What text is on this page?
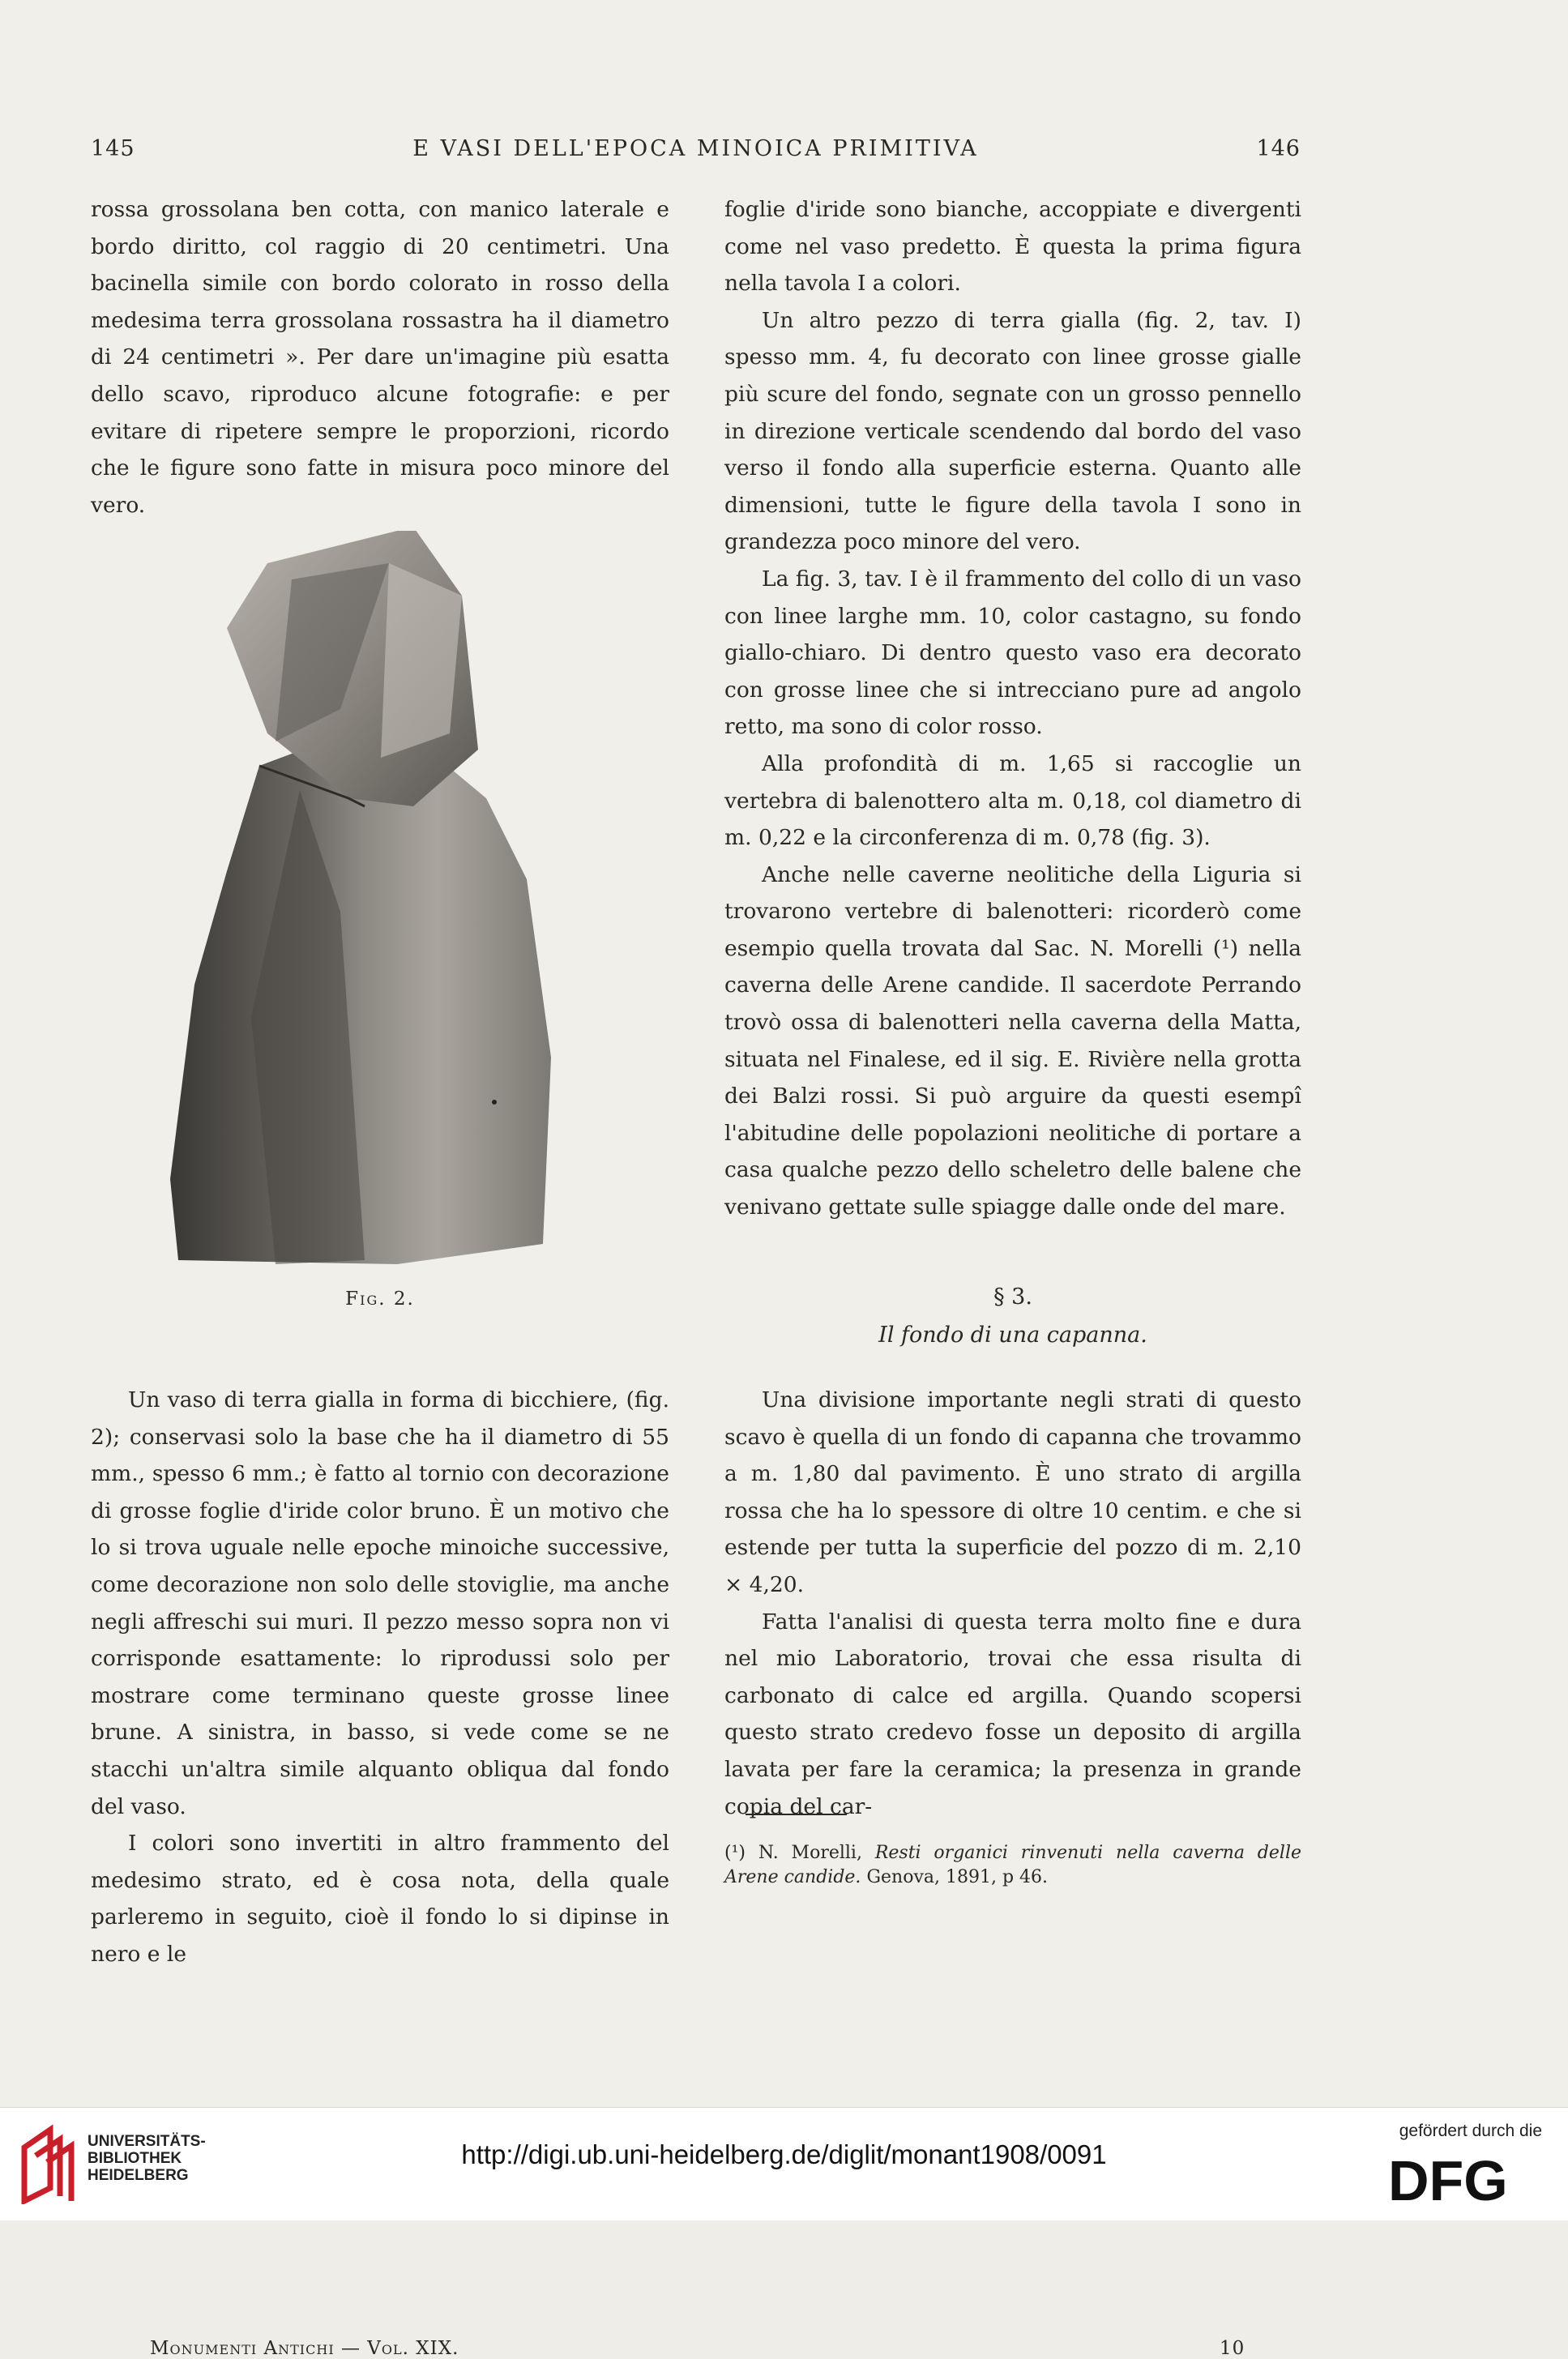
145	E VASI DELL'EPOCA MINOICA PRIMITIVA	146

rossa grossolana ben cotta, con manico laterale e bordo diritto, col raggio di 20 centimetri. Una bacinella simile con bordo colorato in rosso della medesima terra grossolana rossastra ha il diametro di 24 centimetri ». Per dare un'imagine più esatta dello scavo, riproduco alcune fotografie: e per evitare di ripetere sempre le proporzioni, ricordo che le figure sono fatte in misura poco minore del vero.

Fig. 2.

Un vaso di terra gialla in forma di bicchiere, (fig. 2); conservasi solo la base che ha il diametro di 55 mm., spesso 6 mm.; è fatto al tornio con decorazione di grosse foglie d'iride color bruno. È un motivo che lo si trova uguale nelle epoche minoiche successive, come decorazione non solo delle stoviglie, ma anche negli affreschi sui muri. Il pezzo messo sopra non vi corrisponde esattamente: lo riprodussi solo per mostrare come terminano queste grosse linee brune. A sinistra, in basso, si vede come se ne stacchi un'altra simile alquanto obliqua dal fondo del vaso.

I colori sono invertiti in altro frammento del medesimo strato, ed è cosa nota, della quale parleremo in seguito, cioè il fondo lo si dipinse in nero e le

foglie d'iride sono bianche, accoppiate e divergenti come nel vaso predetto. È questa la prima figura nella tavola I a colori.

Un altro pezzo di terra gialla (fig. 2, tav. I) spesso mm. 4, fu decorato con linee grosse gialle più scure del fondo, segnate con un grosso pennello in direzione verticale scendendo dal bordo del vaso verso il fondo alla superficie esterna. Quanto alle dimensioni, tutte le figure della tavola I sono in grandezza poco minore del vero.

La fig. 3, tav. I è il frammento del collo di un vaso con linee larghe mm. 10, color castagno, su fondo giallo-chiaro. Di dentro questo vaso era decorato con grosse linee che si intrecciano pure ad angolo retto, ma sono di color rosso.

Alla profondità di m. 1,65 si raccoglie un vertebra di balenottero alta m. 0,18, col diametro di m. 0,22 e la circonferenza di m. 0,78 (fig. 3).

Anche nelle caverne neolitiche della Liguria si trovarono vertebre di balenotteri: ricorderò come esempio quella trovata dal Sac. N. Morelli (¹) nella caverna delle Arene candide. Il sacerdote Perrando trovò ossa di balenotteri nella caverna della Matta, situata nel Finalese, ed il sig. E. Rivière nella grotta dei Balzi rossi. Si può arguire da questi esempî l'abitudine delle popolazioni neolitiche di portare a casa qualche pezzo dello scheletro delle balene che venivano gettate sulle spiagge dalle onde del mare.

§ 3.
Il fondo di una capanna.

Una divisione importante negli strati di questo scavo è quella di un fondo di capanna che trovammo a m. 1,80 dal pavimento. È uno strato di argilla rossa che ha lo spessore di oltre 10 centim. e che si estende per tutta la superficie del pozzo di m. 2,10 × 4,20.

Fatta l'analisi di questa terra molto fine e dura nel mio Laboratorio, trovai che essa risulta di carbonato di calce ed argilla. Quando scopersi questo strato credevo fosse un deposito di argilla lavata per fare la ceramica; la presenza in grande copia del car-

(¹) N. Morelli, Resti organici rinvenuti nella caverna delle Arene candide. Genova, 1891, p 46.
Monumenti Antichi — Vol. XIX.	10
UNIVERSITÄTS-
BIBLIOTHEK
HEIDELBERG
http://digi.ub.uni-heidelberg.de/diglit/monant1908/0091
gefördert durch die
DFG
